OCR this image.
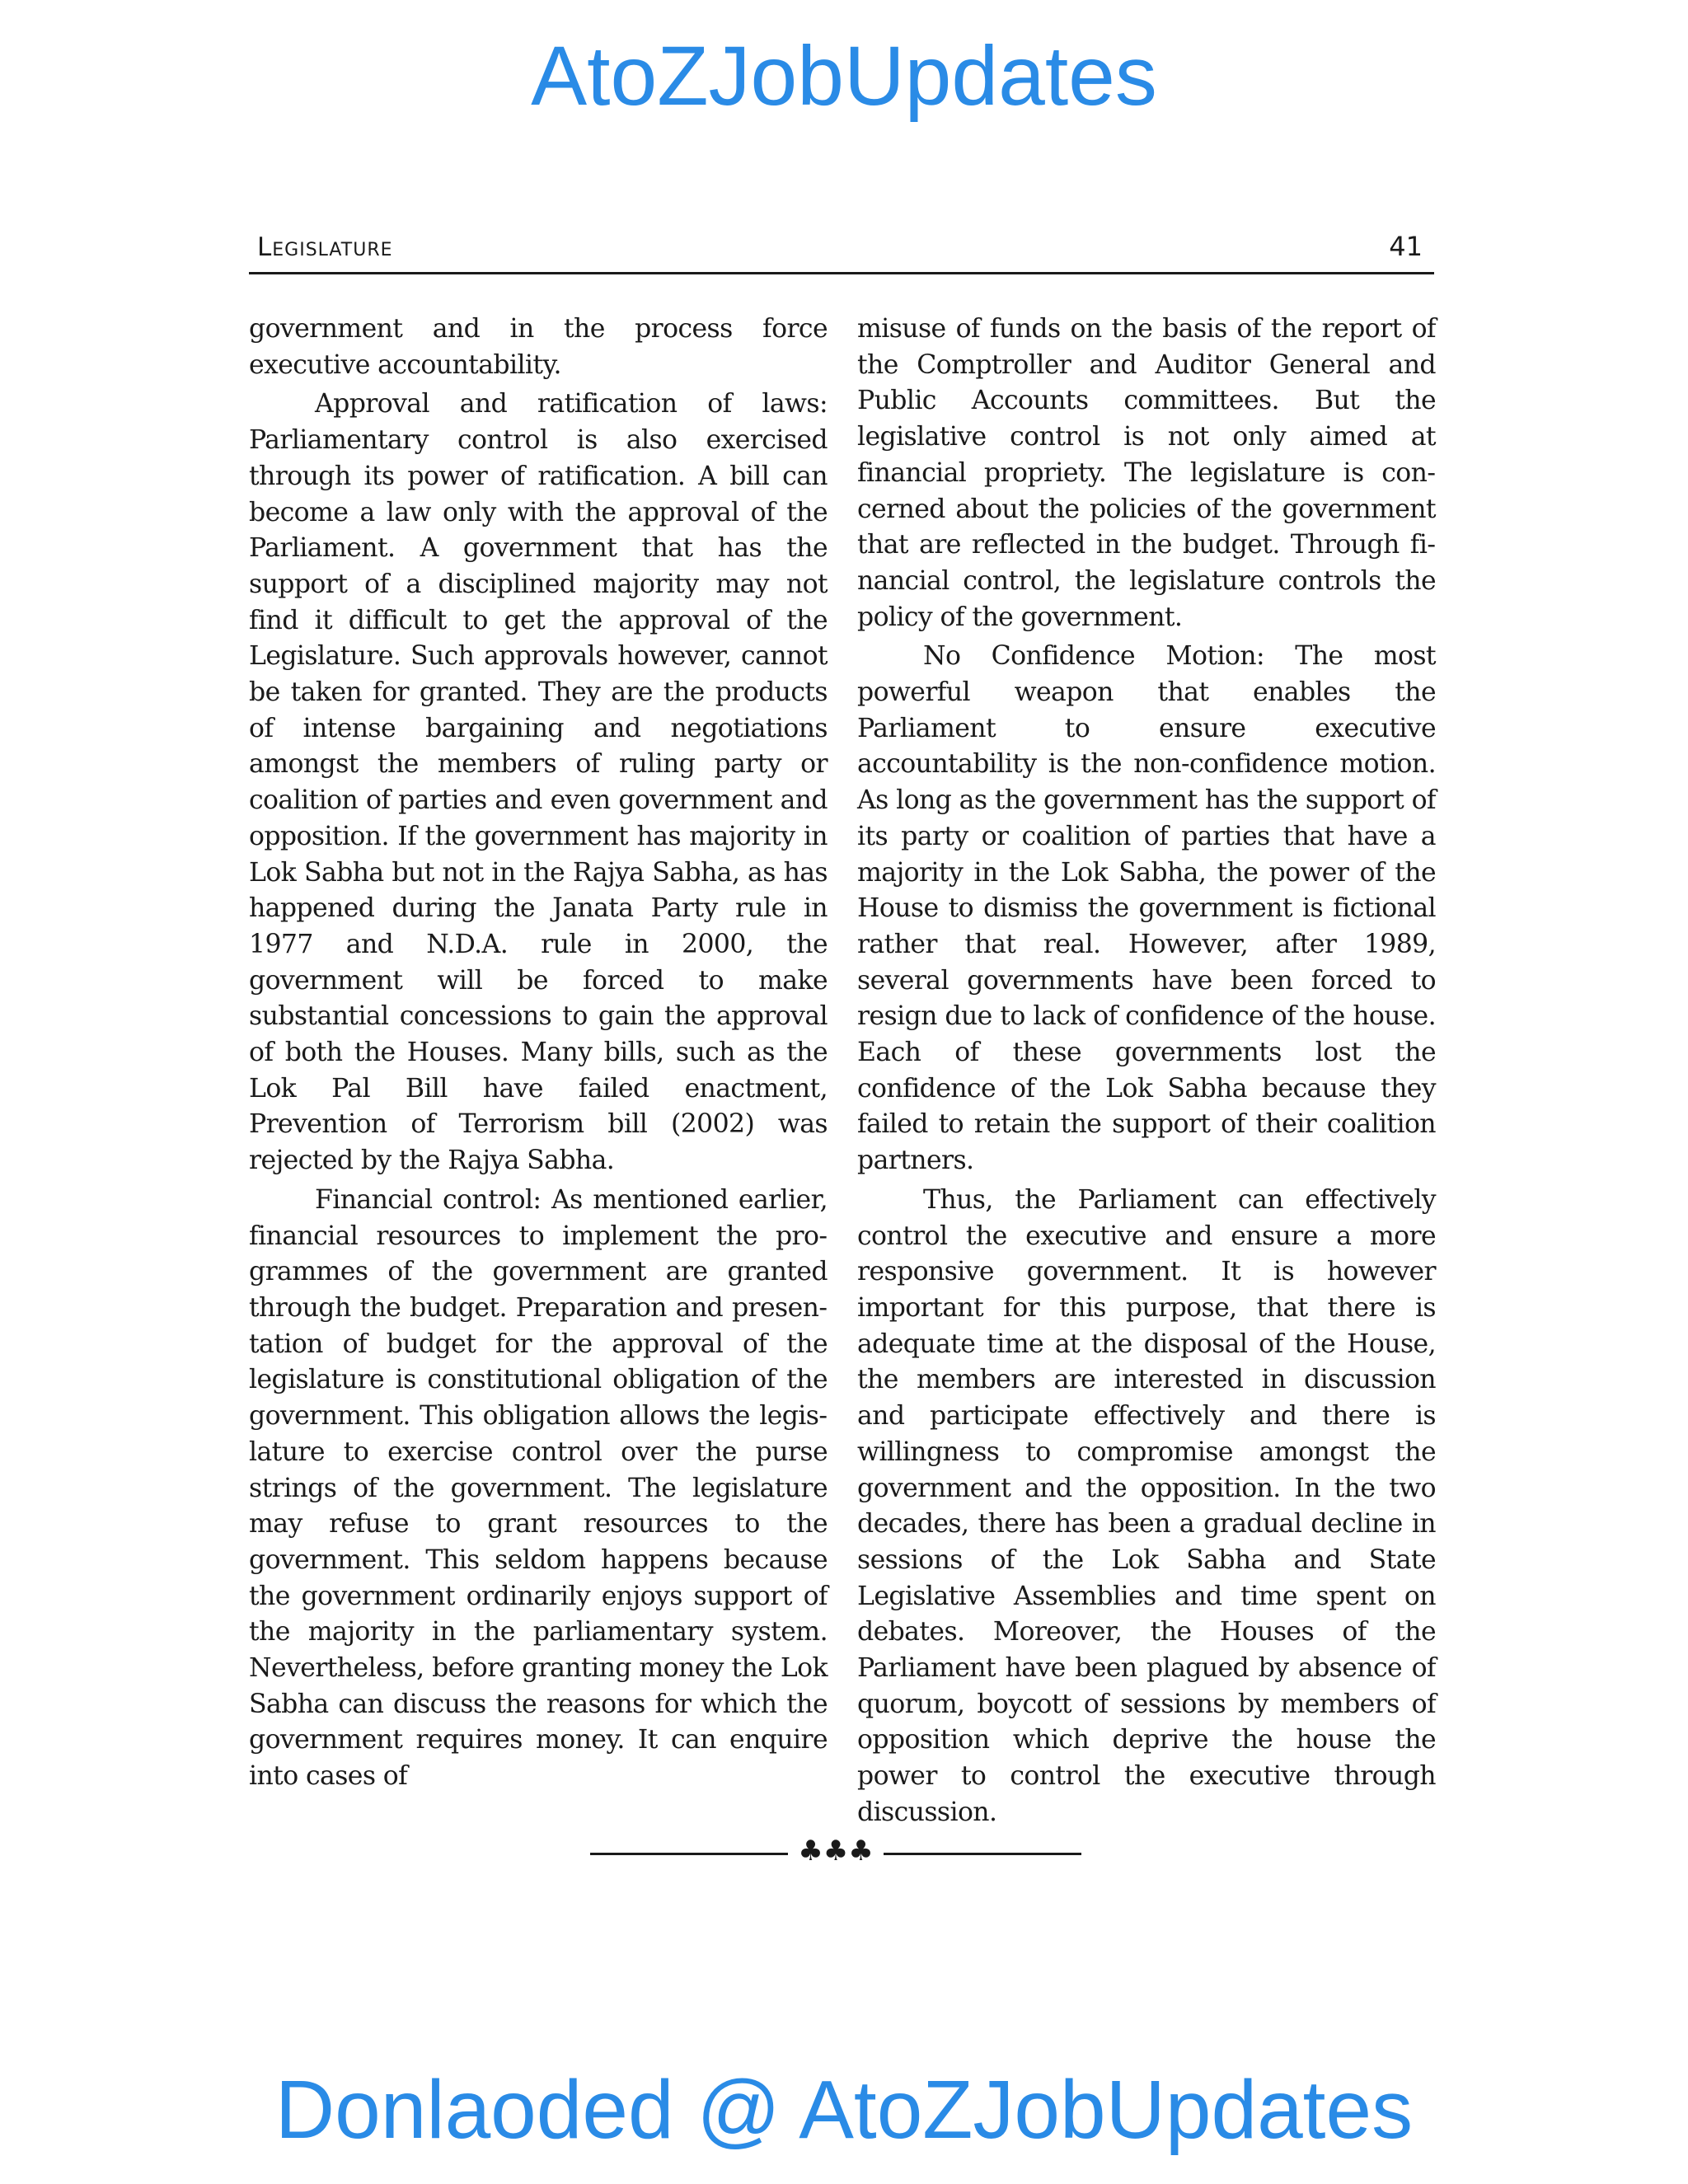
AtoZJobUpdates
Legislature	41

government and in the process force executive accountability.

Approval and ratification of laws: Parliamentary control is also exercised through its power of ratification. A bill can become a law only with the approval of the Parliament. A government that has the support of a disciplined majority may not find it difficult to get the approval of the Legislature. Such approvals however, cannot be taken for granted. They are the products of intense bargaining and negotiations amongst the members of ruling party or coalition of parties and even government and opposition. If the government has majority in Lok Sabha but not in the Rajya Sabha, as has happened during the Janata Party rule in 1977 and N.D.A. rule in 2000, the government will be forced to make substantial concessions to gain the approval of both the Houses. Many bills, such as the Lok Pal Bill have failed enactment, Prevention of Terrorism bill (2002) was rejected by the Rajya Sabha.

Financial control: As mentioned earlier, financial resources to implement the programmes of the government are granted through the budget. Preparation and presentation of budget for the approval of the legislature is constitutional obligation of the government. This obligation allows the legislature to exercise control over the purse strings of the government. The legislature may refuse to grant resources to the government. This seldom happens because the government ordinarily enjoys support of the majority in the parliamentary system. Nevertheless, before granting money the Lok Sabha can discuss the reasons for which the government requires money. It can enquire into cases of

misuse of funds on the basis of the report of the Comptroller and Auditor General and Public Accounts committees. But the legislative control is not only aimed at financial propriety. The legislature is concerned about the policies of the government that are reflected in the budget. Through financial control, the legislature controls the policy of the government.

No Confidence Motion: The most powerful weapon that enables the Parliament to ensure executive accountability is the non-confidence motion. As long as the government has the support of its party or coalition of parties that have a majority in the Lok Sabha, the power of the House to dismiss the government is fictional rather that real. However, after 1989, several governments have been forced to resign due to lack of confidence of the house. Each of these governments lost the confidence of the Lok Sabha because they failed to retain the support of their coalition partners.

Thus, the Parliament can effectively control the executive and ensure a more responsive government. It is however important for this purpose, that there is adequate time at the disposal of the House, the members are interested in discussion and participate effectively and there is willingness to compromise amongst the government and the opposition. In the two decades, there has been a gradual decline in sessions of the Lok Sabha and State Legislative Assemblies and time spent on debates. Moreover, the Houses of the Parliament have been plagued by absence of quorum, boycott of sessions by members of opposition which deprive the house the power to control the executive through discussion.

♣♣♣
Donlaoded @ AtoZJobUpdates
